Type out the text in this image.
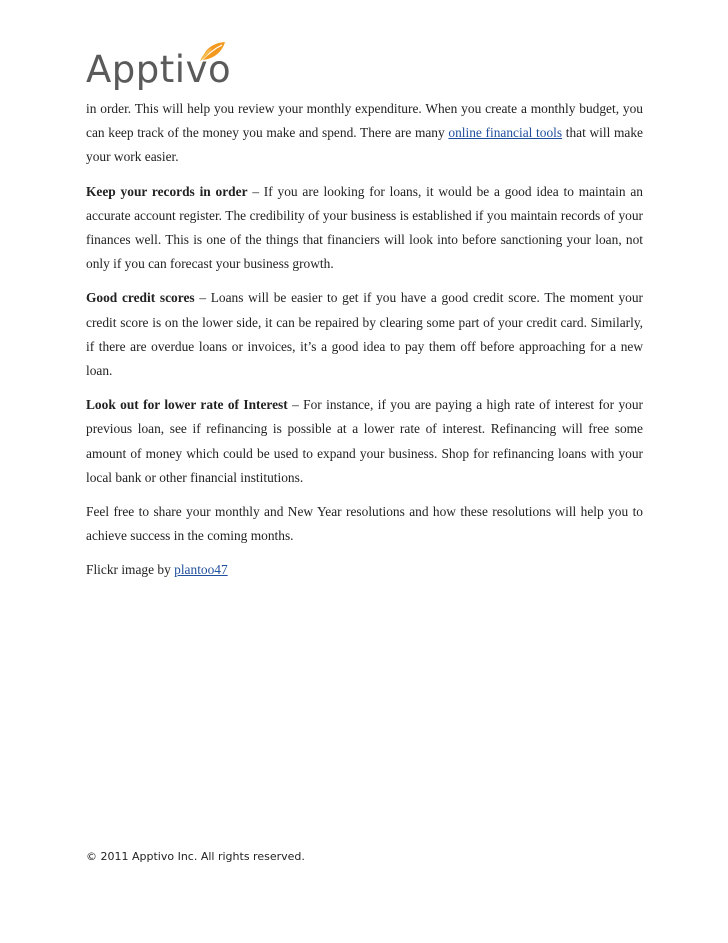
Apptivo

in order. This will help you review your monthly expenditure. When you create a monthly budget, you can keep track of the money you make and spend. There are many online financial tools that will make your work easier.

Keep your records in order – If you are looking for loans, it would be a good idea to maintain an accurate account register. The credibility of your business is established if you maintain records of your finances well. This is one of the things that financiers will look into before sanctioning your loan, not only if you can forecast your business growth.

Good credit scores – Loans will be easier to get if you have a good credit score. The moment your credit score is on the lower side, it can be repaired by clearing some part of your credit card. Similarly, if there are overdue loans or invoices, it’s a good idea to pay them off before approaching for a new loan.

Look out for lower rate of Interest – For instance, if you are paying a high rate of interest for your previous loan, see if refinancing is possible at a lower rate of interest. Refinancing will free some amount of money which could be used to expand your business. Shop for refinancing loans with your local bank or other financial institutions.

Feel free to share your monthly and New Year resolutions and how these resolutions will help you to achieve success in the coming months.

Flickr image by plantoo47

© 2011 Apptivo Inc. All rights reserved.
